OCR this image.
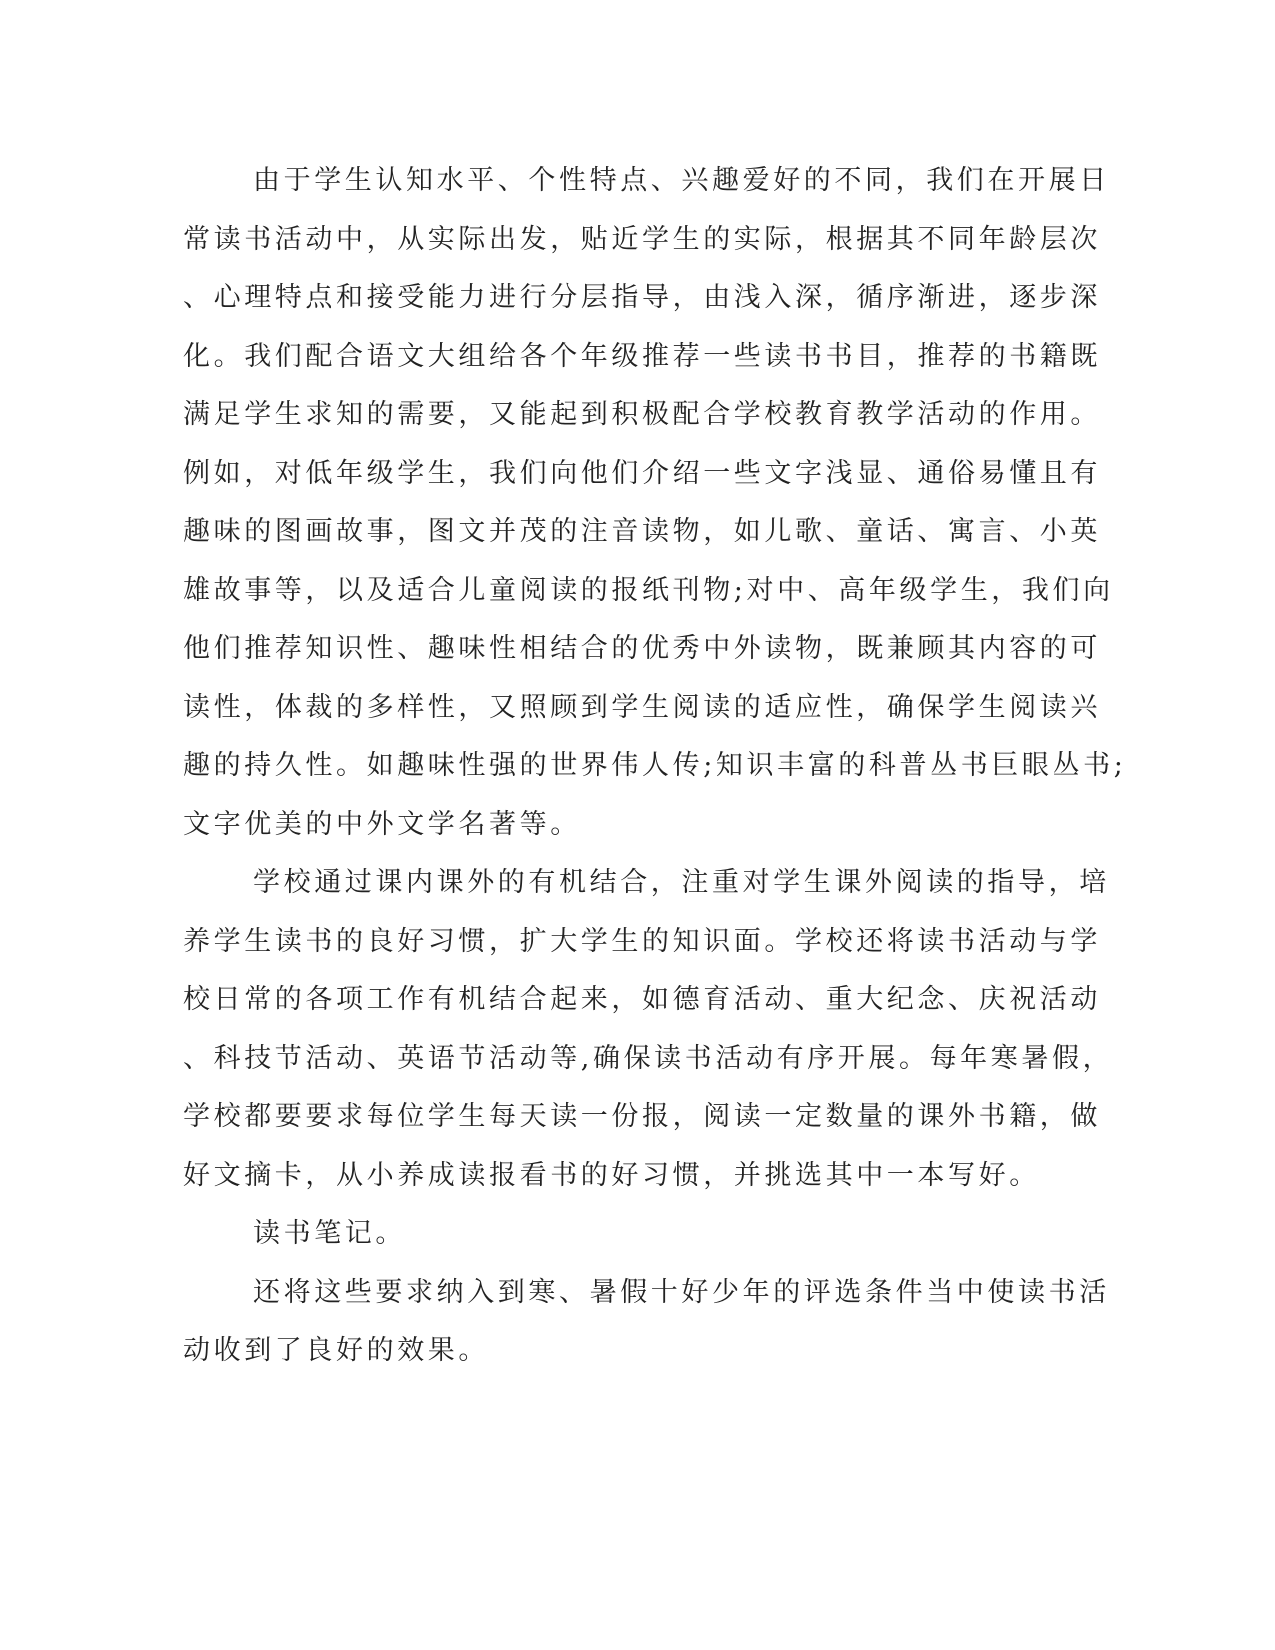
由于学生认知水平、个性特点、兴趣爱好的不同，我们在开展日
常读书活动中，从实际出发，贴近学生的实际，根据其不同年龄层次
、心理特点和接受能力进行分层指导，由浅入深，循序渐进，逐步深
化。我们配合语文大组给各个年级推荐一些读书书目，推荐的书籍既
满足学生求知的需要，又能起到积极配合学校教育教学活动的作用。
例如，对低年级学生，我们向他们介绍一些文字浅显、通俗易懂且有
趣味的图画故事，图文并茂的注音读物，如儿歌、童话、寓言、小英
雄故事等，以及适合儿童阅读的报纸刊物;对中、高年级学生，我们向
他们推荐知识性、趣味性相结合的优秀中外读物，既兼顾其内容的可
读性，体裁的多样性，又照顾到学生阅读的适应性，确保学生阅读兴
趣的持久性。如趣味性强的世界伟人传;知识丰富的科普丛书巨眼丛书;
文字优美的中外文学名著等。
学校通过课内课外的有机结合，注重对学生课外阅读的指导，培
养学生读书的良好习惯，扩大学生的知识面。学校还将读书活动与学
校日常的各项工作有机结合起来，如德育活动、重大纪念、庆祝活动
、科技节活动、英语节活动等,确保读书活动有序开展。每年寒暑假，
学校都要要求每位学生每天读一份报，阅读一定数量的课外书籍，做
好文摘卡，从小养成读报看书的好习惯，并挑选其中一本写好。
读书笔记。
还将这些要求纳入到寒、暑假十好少年的评选条件当中使读书活
动收到了良好的效果。
